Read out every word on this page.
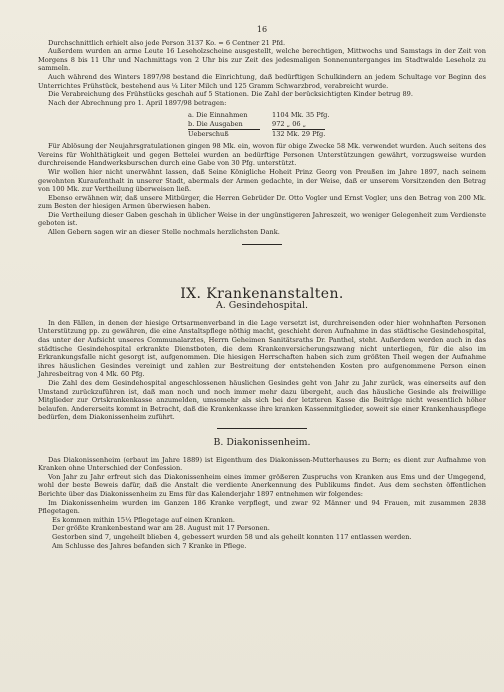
16

Durchschnittlich erhielt also jede Person 3137 Ko. = 6 Centner 21 Pfd.

Außerdem wurden an arme Leute 16 Leseholzscheine ausgestellt, welche berechtigen, Mittwochs und Samstags in der Zeit von Morgens 8 bis 11 Uhr und Nachmittags von 2 Uhr bis zur Zeit des jedesmaligen Sonnenunterganges im Stadtwalde Leseholz zu sammeln.

Auch während des Winters 1897/98 bestand die Einrichtung, daß bedürftigen Schulkindern an jedem Schultage vor Beginn des Unterrichtes Frühstück, bestehend aus ¼ Liter Milch und 125 Gramm Schwarzbrod, verabreicht wurde.

Die Verabreichung des Frühstücks geschah auf 5 Stationen. Die Zahl der berücksichtigten Kinder betrug 89.

Nach der Abrechnung pro 1. April 1897/98 betragen:

a. Die Einnahmen	1104 Mk. 35 Pfg.
b. Die Ausgaben	972 „ 06 „
Ueberschuß	132 Mk. 29 Pfg.

Für Ablösung der Neujahrsgratulationen gingen 98 Mk. ein, wovon für obige Zwecke 58 Mk. verwendet wurden. Auch seitens des Vereins für Wohlthätigkeit und gegen Bettelei wurden an bedürftige Personen Unterstützungen gewährt, vorzugsweise wurden durchreisende Handwerksburschen durch eine Gabe von 30 Pfg. unterstützt.

Wir wollen hier nicht unerwähnt lassen, daß Seine Königliche Hoheit Prinz Georg von Preußen im Jahre 1897, nach seinem gewohnten Kuraufenthalt in unserer Stadt, abermals der Armen gedachte, in der Weise, daß er unserem Vorsitzenden den Betrag von 100 Mk. zur Vertheilung überweisen ließ.

Ebenso erwähnen wir, daß unsere Mitbürger, die Herren Gebrüder Dr. Otto Vogler und Ernst Vogler, uns den Betrag von 200 Mk. zum Besten der hiesigen Armen überwiesen haben.

Die Vertheilung dieser Gaben geschah in üblicher Weise in der ungünstigeren Jahreszeit, wo weniger Gelegenheit zum Verdienste geboten ist.

Allen Gebern sagen wir an dieser Stelle nochmals herzlichsten Dank.

IX. Krankenanstalten.
A. Gesindehospital.

In den Fällen, in denen der hiesige Ortsarmenverband in die Lage versetzt ist, durchreisenden oder hier wohnhaften Personen Unterstützung pp. zu gewähren, die eine Anstaltspflege nöthig macht, geschieht deren Aufnahme in das städtische Gesindehospital, das unter der Aufsicht unseres Communalarztes, Herrn Geheimen Sanitätsraths Dr. Panthel, steht. Außerdem werden auch in das städtische Gesindehospital erkrankte Dienstboten, die dem Krankenversicherungszwang nicht unterliegen, für die also im Erkrankungsfalle nicht gesorgt ist, aufgenommen. Die hiesigen Herrschaften haben sich zum größten Theil wegen der Aufnahme ihres häuslichen Gesindes vereinigt und zahlen zur Bestreitung der entstehenden Kosten pro aufgenommene Person einen Jahresbeitrag von 4 Mk. 60 Pfg.

Die Zahl des dem Gesindehospital angeschlossenen häuslichen Gesindes geht von Jahr zu Jahr zurück, was einerseits auf den Umstand zurückzuführen ist, daß man noch und noch immer mehr dazu übergeht, auch das häusliche Gesinde als freiwillige Mitglieder zur Ortskrankenkasse anzumelden, umsomehr als sich bei der letzteren Kasse die Beiträge nicht wesentlich höher belaufen. Andererseits kommt in Betracht, daß die Krankenkasse ihre kranken Kassenmitglieder, soweit sie einer Krankenhauspflege bedürfen, dem Diakonissenheim zuführt.

B. Diakonissenheim.

Das Diakonissenheim (erbaut im Jahre 1889) ist Eigenthum des Diakonissen-Mutterhauses zu Bern; es dient zur Aufnahme von Kranken ohne Unterschied der Confession.

Von Jahr zu Jahr erfreut sich das Diakonissenheim eines immer größeren Zuspruchs von Kranken aus Ems und der Umgegend, wohl der beste Beweis dafür, daß die Anstalt die verdiente Anerkennung des Publikums findet. Aus dem sechsten öffentlichen Berichte über das Diakonissenheim zu Ems für das Kalenderjahr 1897 entnehmen wir folgendes:

Im Diakonissenheim wurden im Ganzen 186 Kranke verpflegt, und zwar 92 Männer und 94 Frauen, mit zusammen 2838 Pflegetagen.

Es kommen mithin 15¼ Pflegetage auf einen Kranken.

Der größte Krankenbestand war am 28. August mit 17 Personen.

Gestorben sind 7, ungeheilt blieben 4, gebessert wurden 58 und als geheilt konnten 117 entlassen werden.

Am Schlusse des Jahres befanden sich 7 Kranke in Pflege.
